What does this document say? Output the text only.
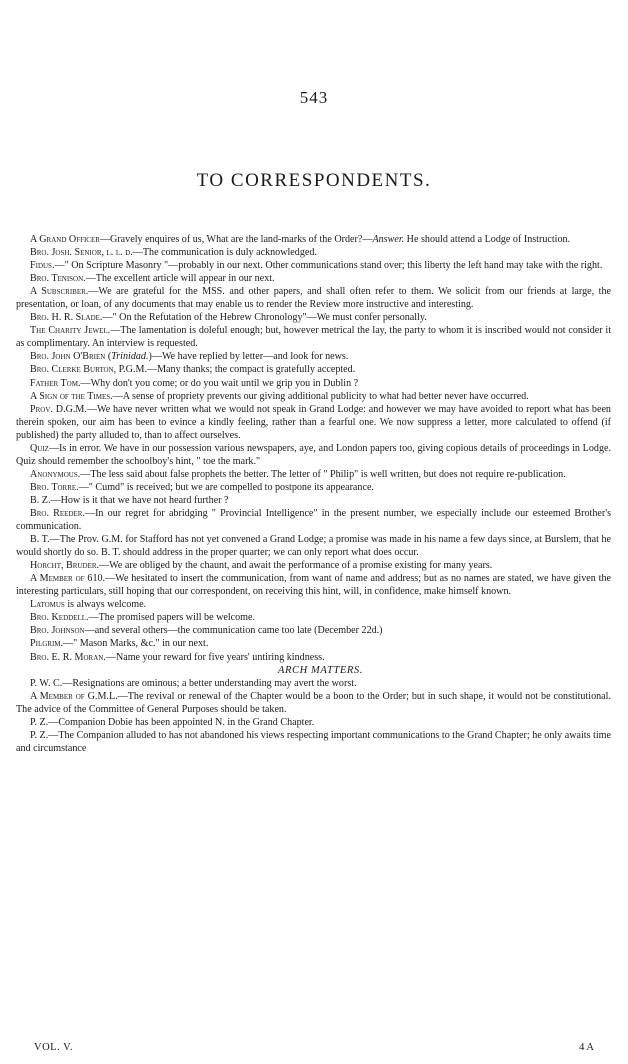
543
TO CORRESPONDENTS.

A Grand Officer—Gravely enquires of us, What are the land-marks of the Order?—Answer. He should attend a Lodge of Instruction.

Bro. Josh. Senior, l. l. d.—The communication is duly acknowledged.

Fidus.—" On Scripture Masonry "—probably in our next. Other communications stand over; this liberty the left hand may take with the right.

Bro. Tenison.—The excellent article will appear in our next.

A Subscriber.—We are grateful for the MSS. and other papers, and shall often refer to them. We solicit from our friends at large, the presentation, or loan, of any documents that may enable us to render the Review more instructive and interesting.

Bro. H. R. Slade.—" On the Refutation of the Hebrew Chronology"—We must confer personally.

The Charity Jewel.—The lamentation is doleful enough; but, however metrical the lay, the party to whom it is inscribed would not consider it as complimentary. An interview is requested.

Bro. John O'Brien (Trinidad.)—We have replied by letter—and look for news.

Bro. Clerke Burton, P.G.M.—Many thanks; the compact is gratefully accepted.

Father Tom.—Why don't you come; or do you wait until we grip you in Dublin ?

A Sign of the Times.—A sense of propriety prevents our giving additional publicity to what had better never have occurred.

Prov. D.G.M.—We have never written what we would not speak in Grand Lodge: and however we may have avoided to report what has been therein spoken, our aim has been to evince a kindly feeling, rather than a fearful one. We now suppress a letter, more calculated to offend (if published) the party alluded to, than to affect ourselves.

Quiz—Is in error. We have in our possession various newspapers, aye, and London papers too, giving copious details of proceedings in Lodge. Quiz should remember the schoolboy's hint, " toe the mark."

Anonymous.—The less said about false prophets the better. The letter of " Philip" is well written, but does not require re-publication.

Bro. Torre.—" Cumd" is received; but we are compelled to postpone its appearance.

B. Z.—How is it that we have not heard further ?

Bro. Reeder.—In our regret for abridging " Provincial Intelligence" in the present number, we especially include our esteemed Brother's communication.

B. T.—The Prov. G.M. for Stafford has not yet convened a Grand Lodge; a promise was made in his name a few days since, at Burslem, that he would shortly do so. B. T. should address in the proper quarter; we can only report what does occur.

Horcht, Bruder.—We are obliged by the chaunt, and await the performance of a promise existing for many years.

A Member of 610.—We hesitated to insert the communication, from want of name and address; but as no names are stated, we have given the interesting particulars, still hoping that our correspondent, on receiving this hint, will, in confidence, make himself known.

Latomus is always welcome.

Bro. Keddell.—The promised papers will be welcome.

Bro. Johnson—and several others—the communication came too late (December 22d.)

Pilgrim.—" Mason Marks, &c." in our next.

Bro. E. R. Moran.—Name your reward for five years' untiring kindness.

ARCH MATTERS.

P. W. C.—Resignations are ominous; a better understanding may avert the worst.

A Member of G.M.L.—The revival or renewal of the Chapter would be a boon to the Order; but in such shape, it would not be constitutional. The advice of the Committee of General Purposes should be taken.

P. Z.—Companion Dobie has been appointed N. in the Grand Chapter.

P. Z.—The Companion alluded to has not abandoned his views respecting important communications to the Grand Chapter; he only awaits time and circumstance

VOL. V.	4 A
